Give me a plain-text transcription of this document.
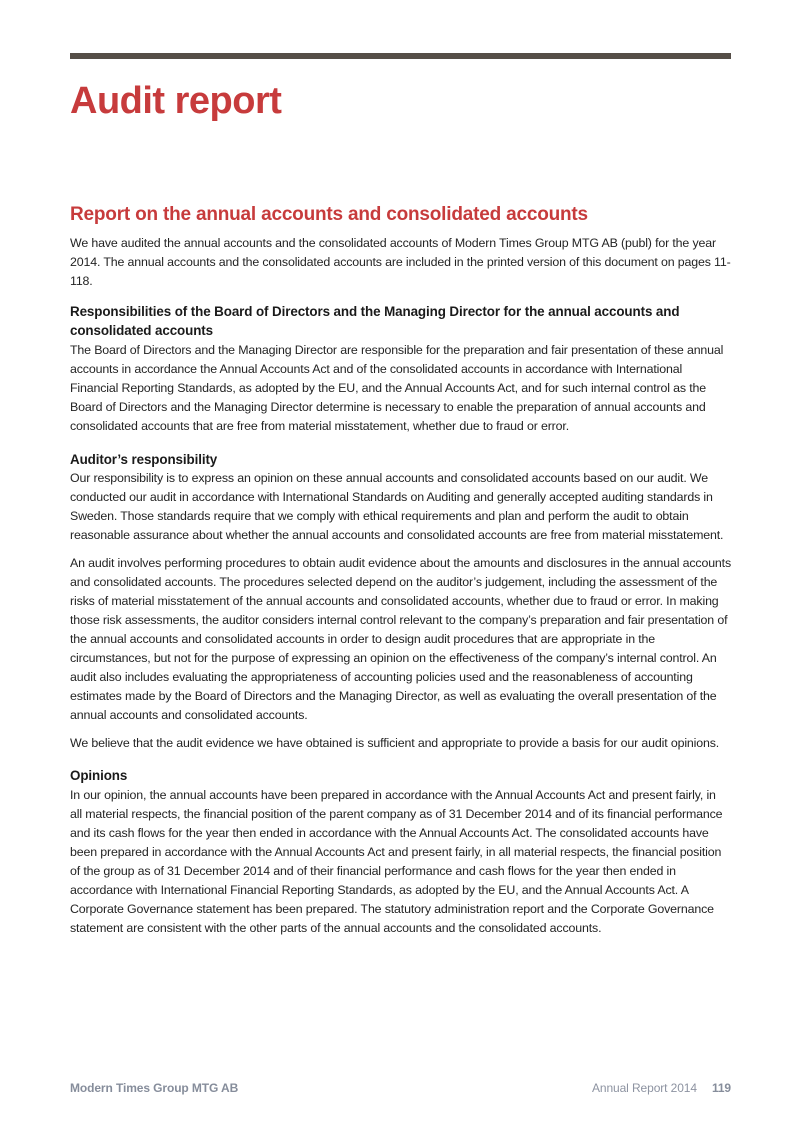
Audit report
Report on the annual accounts and consolidated accounts

We have audited the annual accounts and the consolidated accounts of Modern Times Group MTG AB (publ) for the year 2014. The annual accounts and the consolidated accounts are included in the printed version of this document on pages 11-118.

Responsibilities of the Board of Directors and the Managing Director for the annual accounts and consolidated accounts

The Board of Directors and the Managing Director are responsible for the preparation and fair presentation of these annual accounts in accordance the Annual Accounts Act and of the consolidated accounts in accordance with International Financial Reporting Standards, as adopted by the EU, and the Annual Accounts Act, and for such internal control as the Board of Directors and the Managing Director determine is necessary to enable the preparation of annual accounts and consolidated accounts that are free from material misstatement, whether due to fraud or error.

Auditor’s responsibility

Our responsibility is to express an opinion on these annual accounts and consolidated accounts based on our audit. We conducted our audit in accordance with International Standards on Auditing and generally accepted auditing standards in Sweden. Those standards require that we comply with ethical requirements and plan and perform the audit to obtain reasonable assurance about whether the annual accounts and consolidated accounts are free from material misstatement.

An audit involves performing procedures to obtain audit evidence about the amounts and disclosures in the annual accounts and consolidated accounts. The procedures selected depend on the auditor’s judgement, including the assessment of the risks of material misstatement of the annual accounts and consolidated accounts, whether due to fraud or error. In making those risk assessments, the auditor considers internal control relevant to the company’s preparation and fair presentation of the annual accounts and consolidated accounts in order to design audit procedures that are appropriate in the circumstances, but not for the purpose of expressing an opinion on the effectiveness of the company’s internal control. An audit also includes evaluating the appropriateness of accounting policies used and the reasonableness of accounting estimates made by the Board of Directors and the Managing Director, as well as evaluating the overall presentation of the annual accounts and consolidated accounts.

We believe that the audit evidence we have obtained is sufficient and appropriate to provide a basis for our audit opinions.

Opinions

In our opinion, the annual accounts have been prepared in accordance with the Annual Accounts Act and present fairly, in all material respects, the financial position of the parent company as of 31 December 2014 and of its financial performance and its cash flows for the year then ended in accordance with the Annual Accounts Act. The consolidated accounts have been prepared in accordance with the Annual Accounts Act and present fairly, in all material respects, the financial position of the group as of 31 December 2014 and of their financial performance and cash flows for the year then ended in accordance with International Financial Reporting Standards, as adopted by the EU, and the Annual Accounts Act. A Corporate Governance statement has been prepared. The statutory administration report and the Corporate Governance statement are consistent with the other parts of the annual accounts and the consolidated accounts.

Modern Times Group MTG AB	Annual Report 2014 119
